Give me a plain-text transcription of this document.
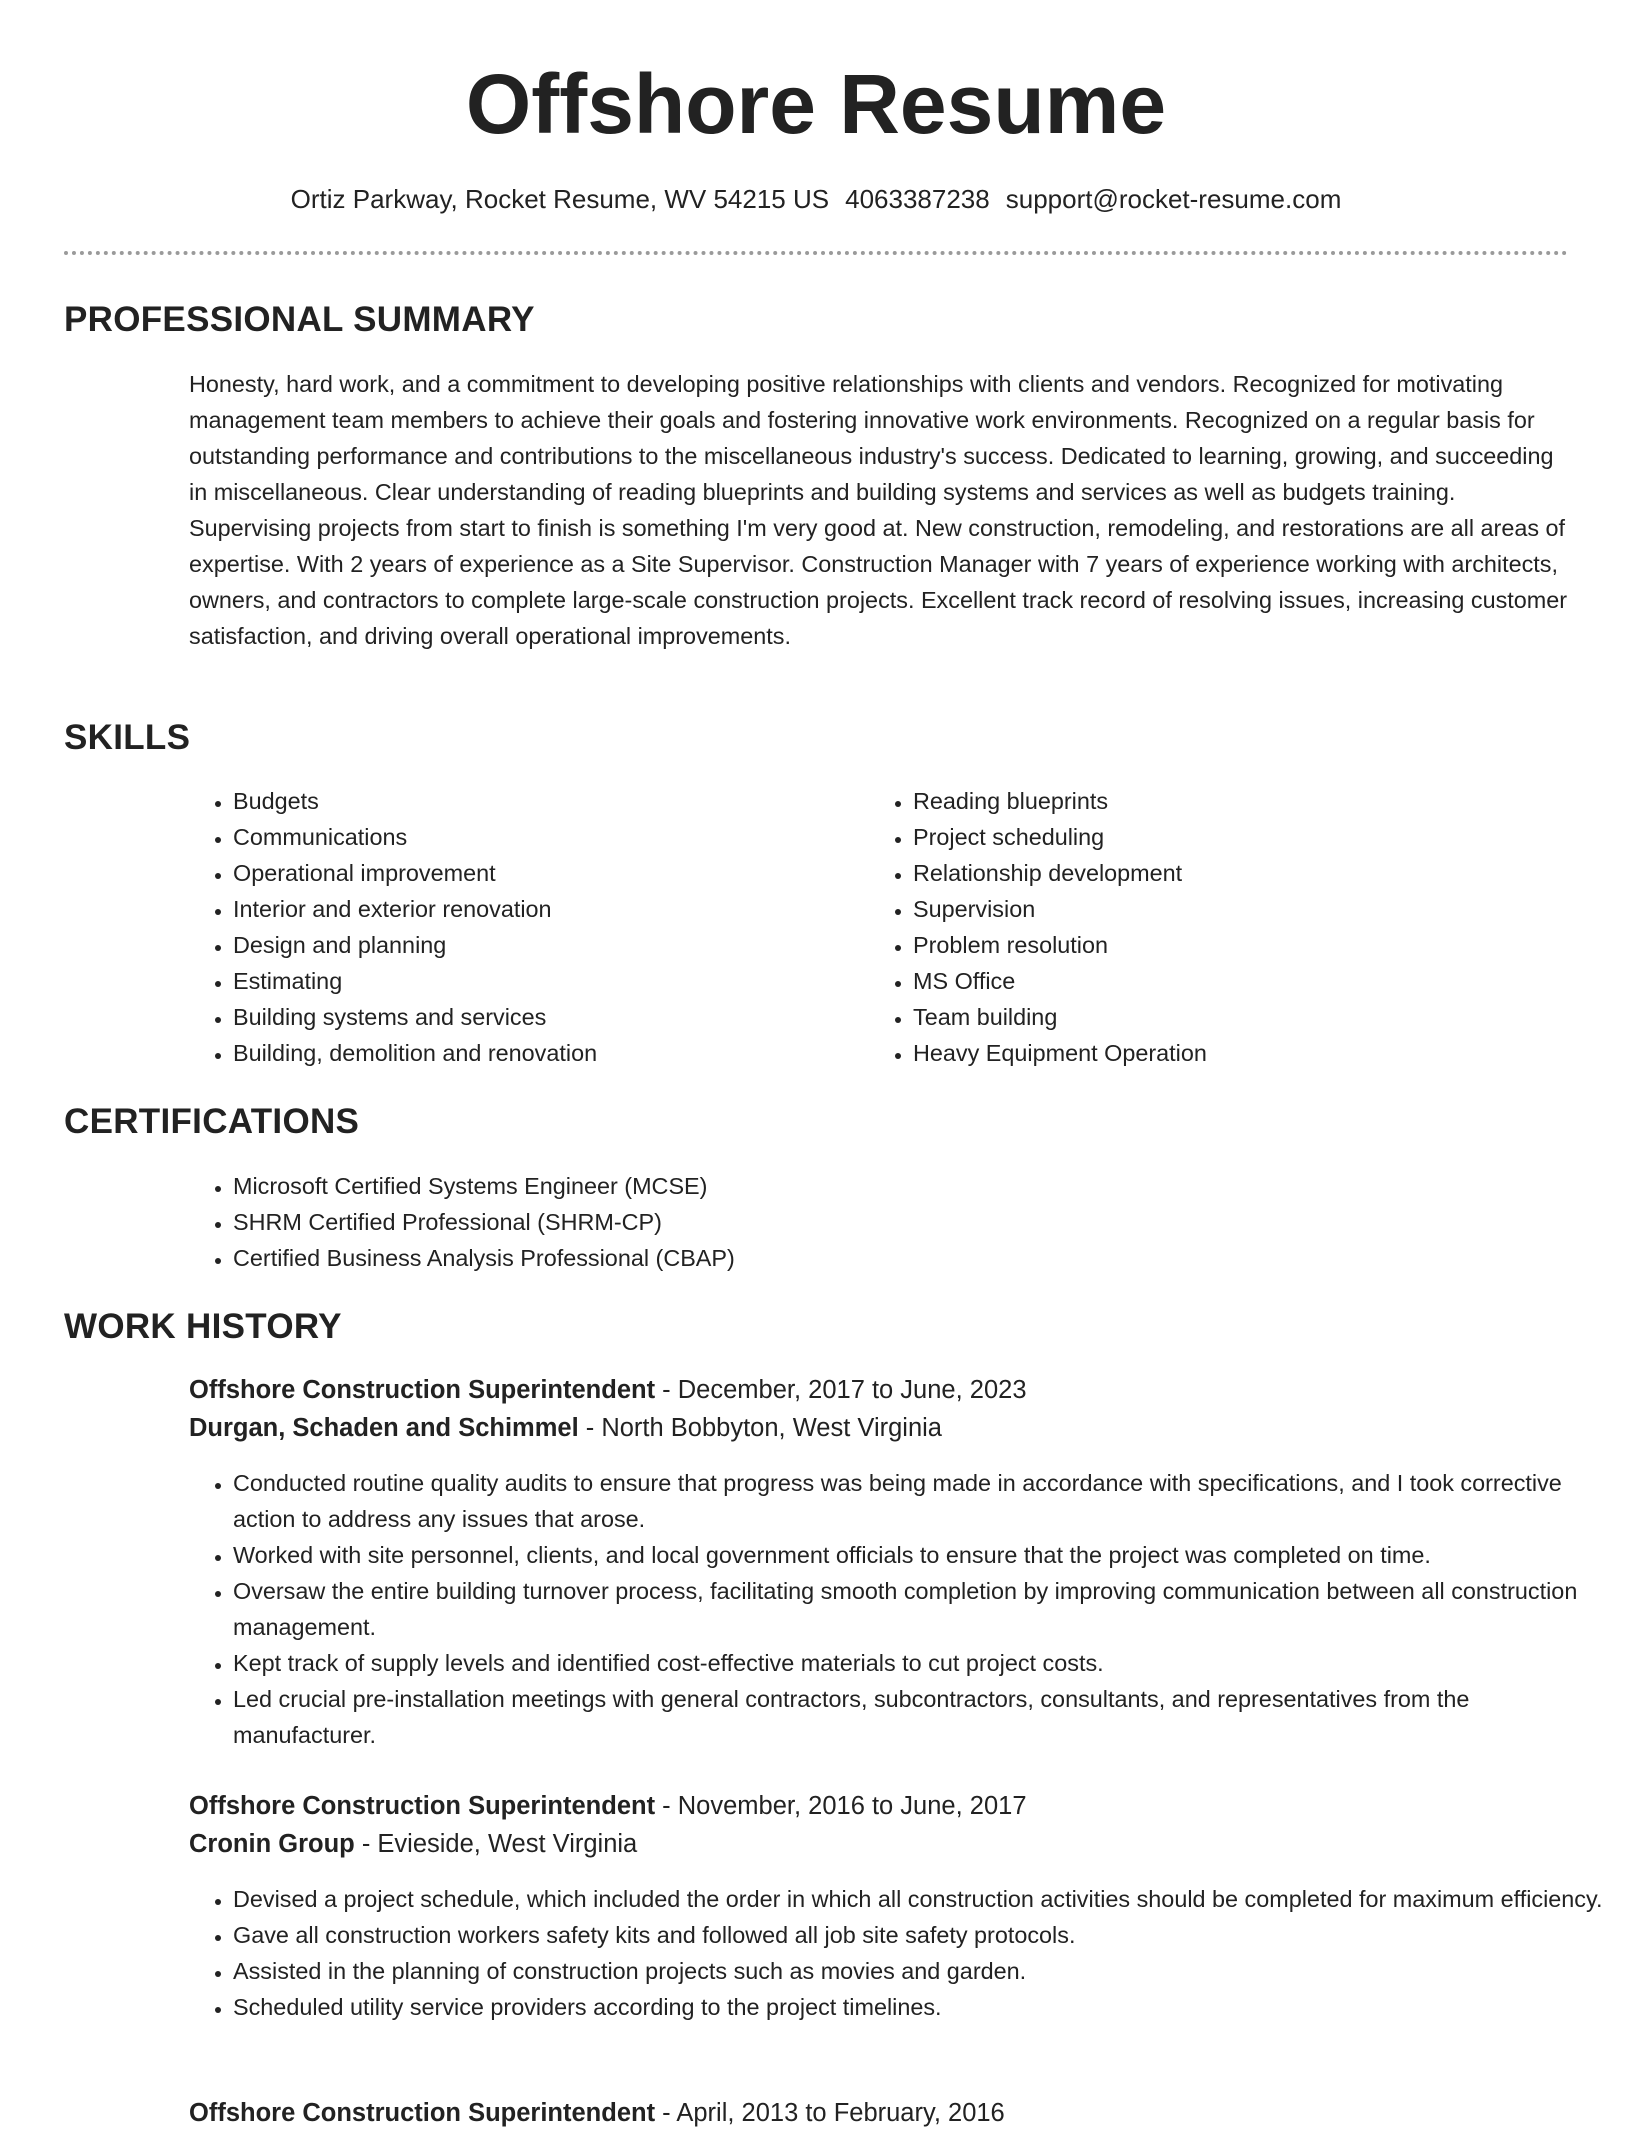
Offshore Resume
Ortiz Parkway, Rocket Resume, WV 54215 US 4063387238 support@rocket-resume.com
PROFESSIONAL SUMMARY

Honesty, hard work, and a commitment to developing positive relationships with clients and vendors. Recognized for motivating management team members to achieve their goals and fostering innovative work environments. Recognized on a regular basis for outstanding performance and contributions to the miscellaneous industry's success. Dedicated to learning, growing, and succeeding in miscellaneous. Clear understanding of reading blueprints and building systems and services as well as budgets training. Supervising projects from start to finish is something I'm very good at. New construction, remodeling, and restorations are all areas of expertise. With 2 years of experience as a Site Supervisor. Construction Manager with 7 years of experience working with architects, owners, and contractors to complete large-scale construction projects. Excellent track record of resolving issues, increasing customer satisfaction, and driving overall operational improvements.

SKILLS
• Budgets
• Communications
• Operational improvement
• Interior and exterior renovation
• Design and planning
• Estimating
• Building systems and services
• Building, demolition and renovation
• Reading blueprints
• Project scheduling
• Relationship development
• Supervision
• Problem resolution
• MS Office
• Team building
• Heavy Equipment Operation
CERTIFICATIONS
• Microsoft Certified Systems Engineer (MCSE)
• SHRM Certified Professional (SHRM-CP)
• Certified Business Analysis Professional (CBAP)
WORK HISTORY
Offshore Construction Superintendent - December, 2017 to June, 2023
Durgan, Schaden and Schimmel - North Bobbyton, West Virginia
• Conducted routine quality audits to ensure that progress was being made in accordance with specifications, and I took corrective action to address any issues that arose.
• Worked with site personnel, clients, and local government officials to ensure that the project was completed on time.
• Oversaw the entire building turnover process, facilitating smooth completion by improving communication between all construction management.
• Kept track of supply levels and identified cost-effective materials to cut project costs.
• Led crucial pre-installation meetings with general contractors, subcontractors, consultants, and representatives from the manufacturer.
Offshore Construction Superintendent - November, 2016 to June, 2017
Cronin Group - Evieside, West Virginia
• Devised a project schedule, which included the order in which all construction activities should be completed for maximum efficiency.
• Gave all construction workers safety kits and followed all job site safety protocols.
• Assisted in the planning of construction projects such as movies and garden.
• Scheduled utility service providers according to the project timelines.
Offshore Construction Superintendent - April, 2013 to February, 2016
